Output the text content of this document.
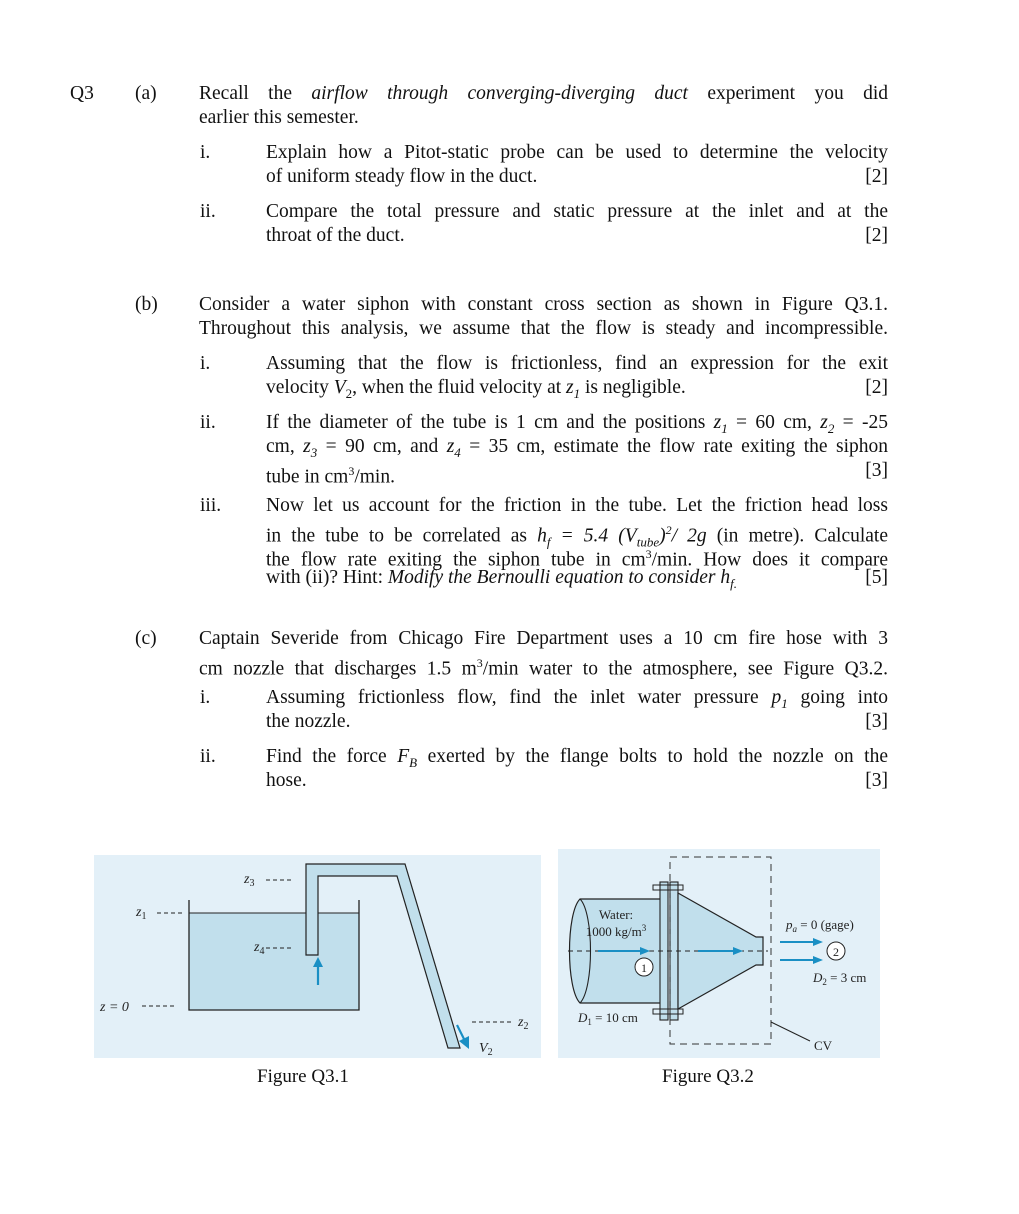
Q3 (a) Recall the airflow through converging-diverging duct experiment you did
earlier this semester.
i.	Explain how a Pitot-static probe can be used to determine the velocity
of uniform steady flow in the duct.	[2]
ii.	Compare the total pressure and static pressure at the inlet and at the
throat of the duct.	[2]
(b) Consider a water siphon with constant cross section as shown in Figure Q3.1.
Throughout this analysis, we assume that the flow is steady and incompressible.
i.	Assuming that the flow is frictionless, find an expression for the exit
velocity $V_2$, when the fluid velocity at $z_1$ is negligible.	[2]
ii.	If the diameter of the tube is 1 cm and the positions $z_1 = 60$ cm, $z_2 = -25$
cm, $z_3 = 90$ cm, and $z_4 = 35$ cm, estimate the flow rate exiting the siphon
tube in $cm^3/\min$.	[3]
iii. Now let us account for the friction in the tube. Let the friction head loss
in the tube to be correlated as $h_f = 5.4$ $(V_{tube})^2/$ 2g (in metre). Calculate
the flow rate exiting the siphon tube in $cm^3/\min$. How does it compare
with (ii)? Hint: Modify the Bernoulli equation to consider $h_{f.}$	[5]
(c) Captain Severide from Chicago Fire Department uses a 10 cm fire hose with 3
cm nozzle that discharges 1.5 $m^3/\min$ water to the atmosphere, see Figure Q3.2.
i.	Assuming frictionless flow, find the inlet water pressure $p_1$ going into
the nozzle.	[3]
ii.	Find the force $F_B$ exerted by the flange bolts to hold the nozzle on the
hose.	[3]
$z_3$
$z_1$
$z_4$
z = 0
$z_2$
$V_2$
Figure Q3.1
1
2
Water:
1000 $kg/m^3$
$D_1 = 10$ cm
$p_a = 0$ (gage)
$D_2 = 3$ cm
CV
Figure Q3.2
